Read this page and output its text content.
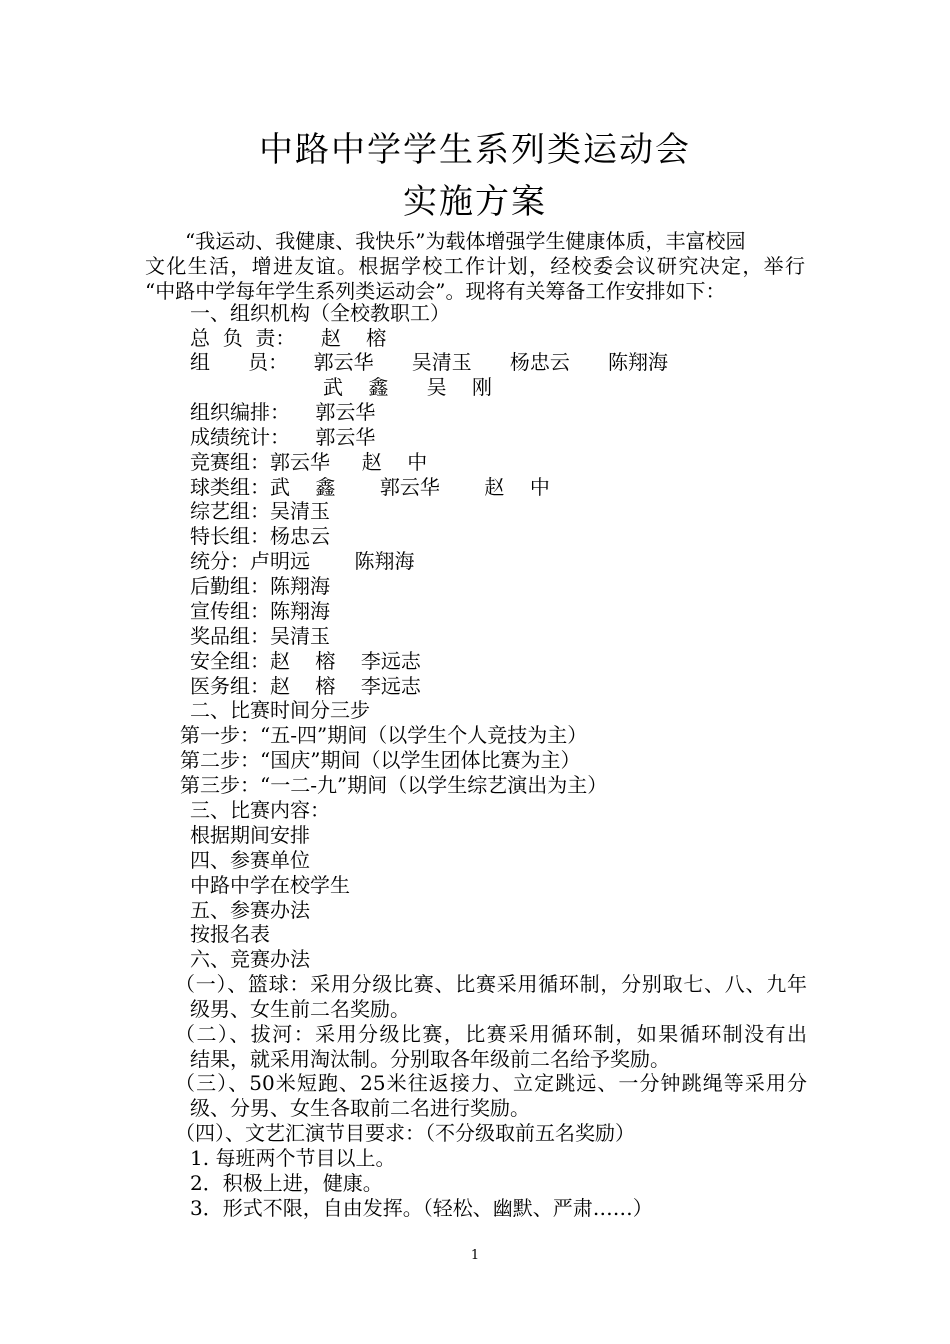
中路中学学生系列类运动会
实施方案
“我运动、我健康、我快乐”为载体增强学生健康体质，丰富校园
文化生活，增进友谊。根据学校工作计划，经校委会议研究决定，举行
“中路中学每年学生系列类运动会”。现将有关筹备工作安排如下：
一、组织机构（全校教职工）
总  负  责：    赵    榕
组      员：    郭云华      吴清玉      杨忠云      陈翔海
武    鑫      吴    刚
组织编排：    郭云华
成绩统计：    郭云华
竞赛组：郭云华     赵    中
球类组：武    鑫       郭云华       赵    中
综艺组：吴清玉
特长组：杨忠云
统分：卢明远       陈翔海
后勤组：陈翔海
宣传组：陈翔海
奖品组：吴清玉
安全组：赵    榕    李远志
医务组：赵    榕    李远志
二、比赛时间分三步
第一步：“五-四”期间（以学生个人竞技为主）
第二步：“国庆”期间（以学生团体比赛为主）
第三步：“一二-九”期间（以学生综艺演出为主）
三、比赛内容：
根据期间安排
四、参赛单位
中路中学在校学生
五、参赛办法
按报名表
六、竞赛办法
（一）、篮球：采用分级比赛、比赛采用循环制，分别取七、八、九年
级男、女生前二名奖励。
（二）、拔河：采用分级比赛，比赛采用循环制，如果循环制没有出
结果，就采用淘汰制。分别取各年级前二名给予奖励。
（三）、50米短跑、25米往返接力、立定跳远、一分钟跳绳等采用分
级、分男、女生各取前二名进行奖励。
（四）、文艺汇演节目要求：（不分级取前五名奖励）
1. 每班两个节目以上。
2．积极上进，健康。
3．形式不限，自由发挥。（轻松、幽默、严肃……）
1
